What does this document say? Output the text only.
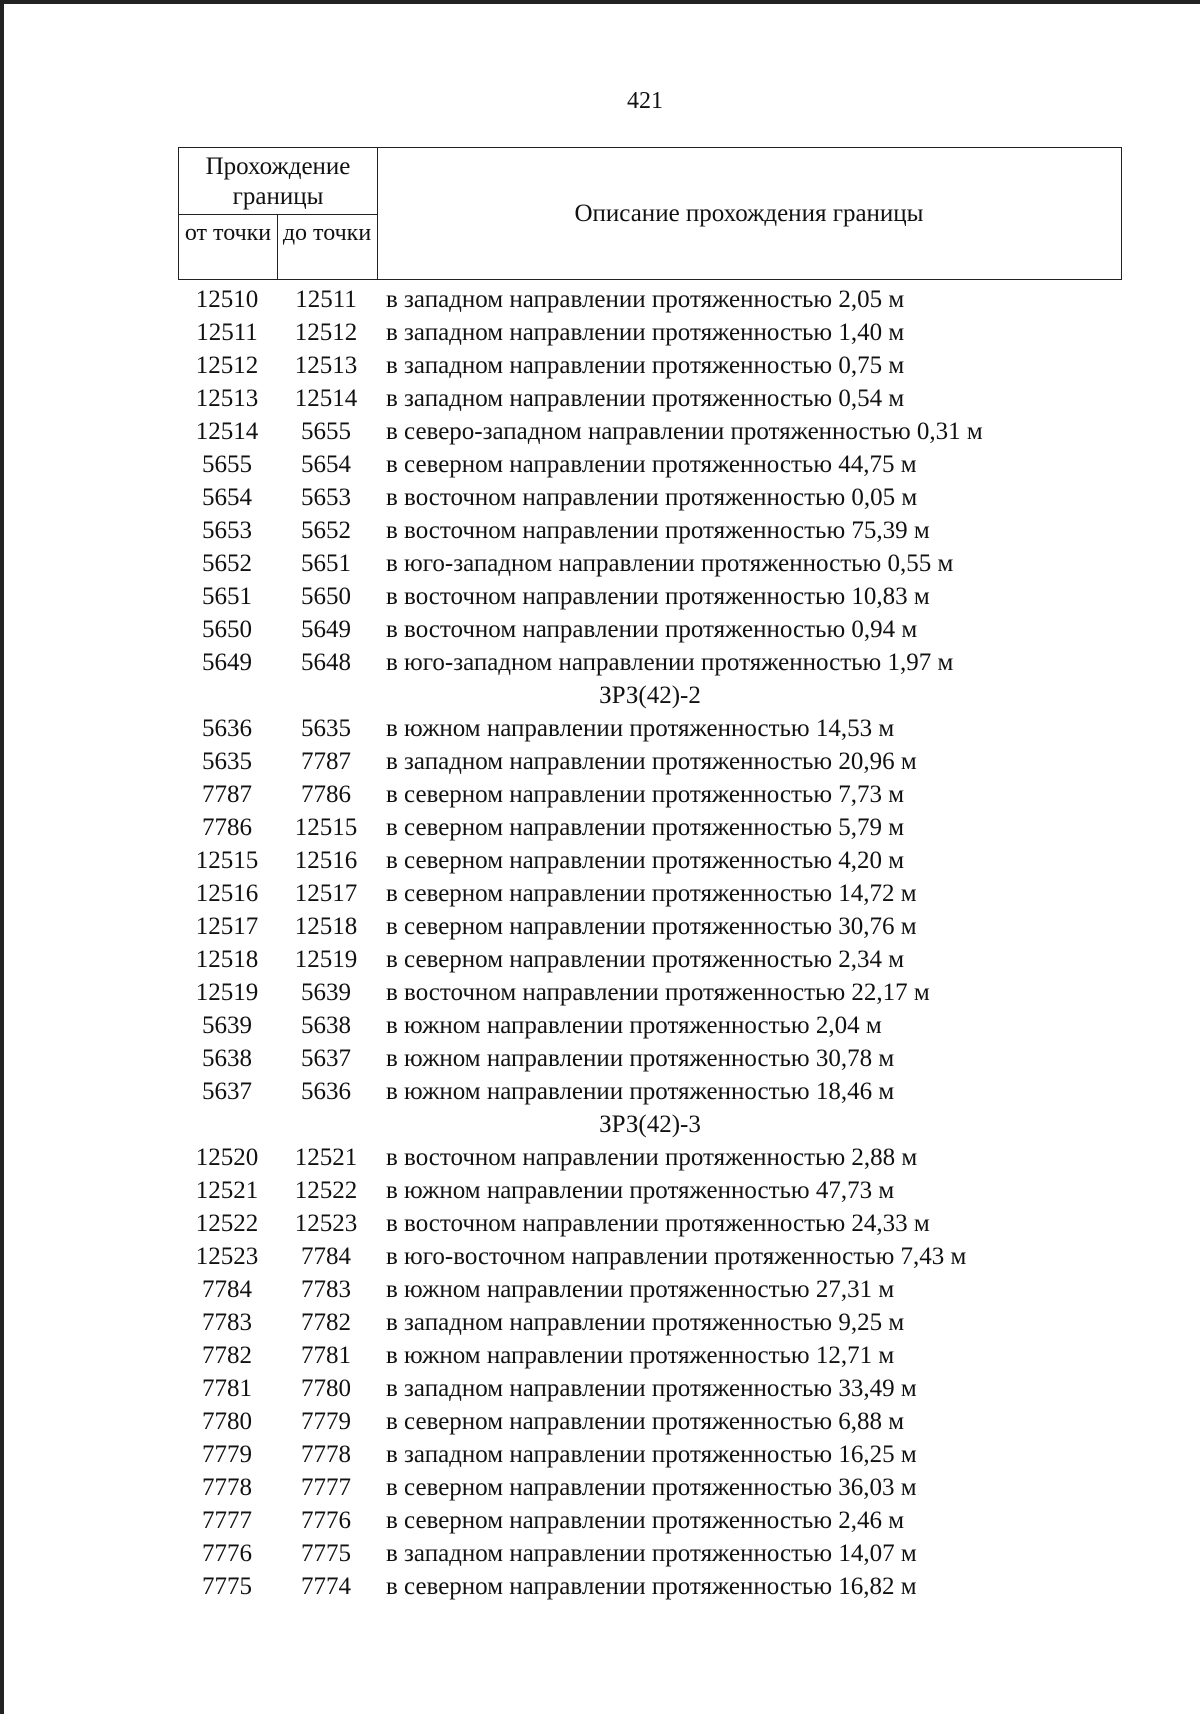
421
Прохождение границы
от точки до точки
Описание прохождения границы
12510	12511	в западном направлении протяженностью 2,05 м
12511	12512	в западном направлении протяженностью 1,40 м
12512	12513	в западном направлении протяженностью 0,75 м
12513	12514	в западном направлении протяженностью 0,54 м
12514	5655	в северо-западном направлении протяженностью 0,31 м
5655	5654	в северном направлении протяженностью 44,75 м
5654	5653	в восточном направлении протяженностью 0,05 м
5653	5652	в восточном направлении протяженностью 75,39 м
5652	5651	в юго-западном направлении протяженностью 0,55 м
5651	5650	в восточном направлении протяженностью 10,83 м
5650	5649	в восточном направлении протяженностью 0,94 м
5649	5648	в юго-западном направлении протяженностью 1,97 м
ЗРЗ(42)-2
5636	5635	в южном направлении протяженностью 14,53 м
5635	7787	в западном направлении протяженностью 20,96 м
7787	7786	в северном направлении протяженностью 7,73 м
7786	12515	в северном направлении протяженностью 5,79 м
12515	12516	в северном направлении протяженностью 4,20 м
12516	12517	в северном направлении протяженностью 14,72 м
12517	12518	в северном направлении протяженностью 30,76 м
12518	12519	в северном направлении протяженностью 2,34 м
12519	5639	в восточном направлении протяженностью 22,17 м
5639	5638	в южном направлении протяженностью 2,04 м
5638	5637	в южном направлении протяженностью 30,78 м
5637	5636	в южном направлении протяженностью 18,46 м
ЗРЗ(42)-3
12520	12521	в восточном направлении протяженностью 2,88 м
12521	12522	в южном направлении протяженностью 47,73 м
12522	12523	в восточном направлении протяженностью 24,33 м
12523	7784	в юго-восточном направлении протяженностью 7,43 м
7784	7783	в южном направлении протяженностью 27,31 м
7783	7782	в западном направлении протяженностью 9,25 м
7782	7781	в южном направлении протяженностью 12,71 м
7781	7780	в западном направлении протяженностью 33,49 м
7780	7779	в северном направлении протяженностью 6,88 м
7779	7778	в западном направлении протяженностью 16,25 м
7778	7777	в северном направлении протяженностью 36,03 м
7777	7776	в северном направлении протяженностью 2,46 м
7776	7775	в западном направлении протяженностью 14,07 м
7775	7774	в северном направлении протяженностью 16,82 м
